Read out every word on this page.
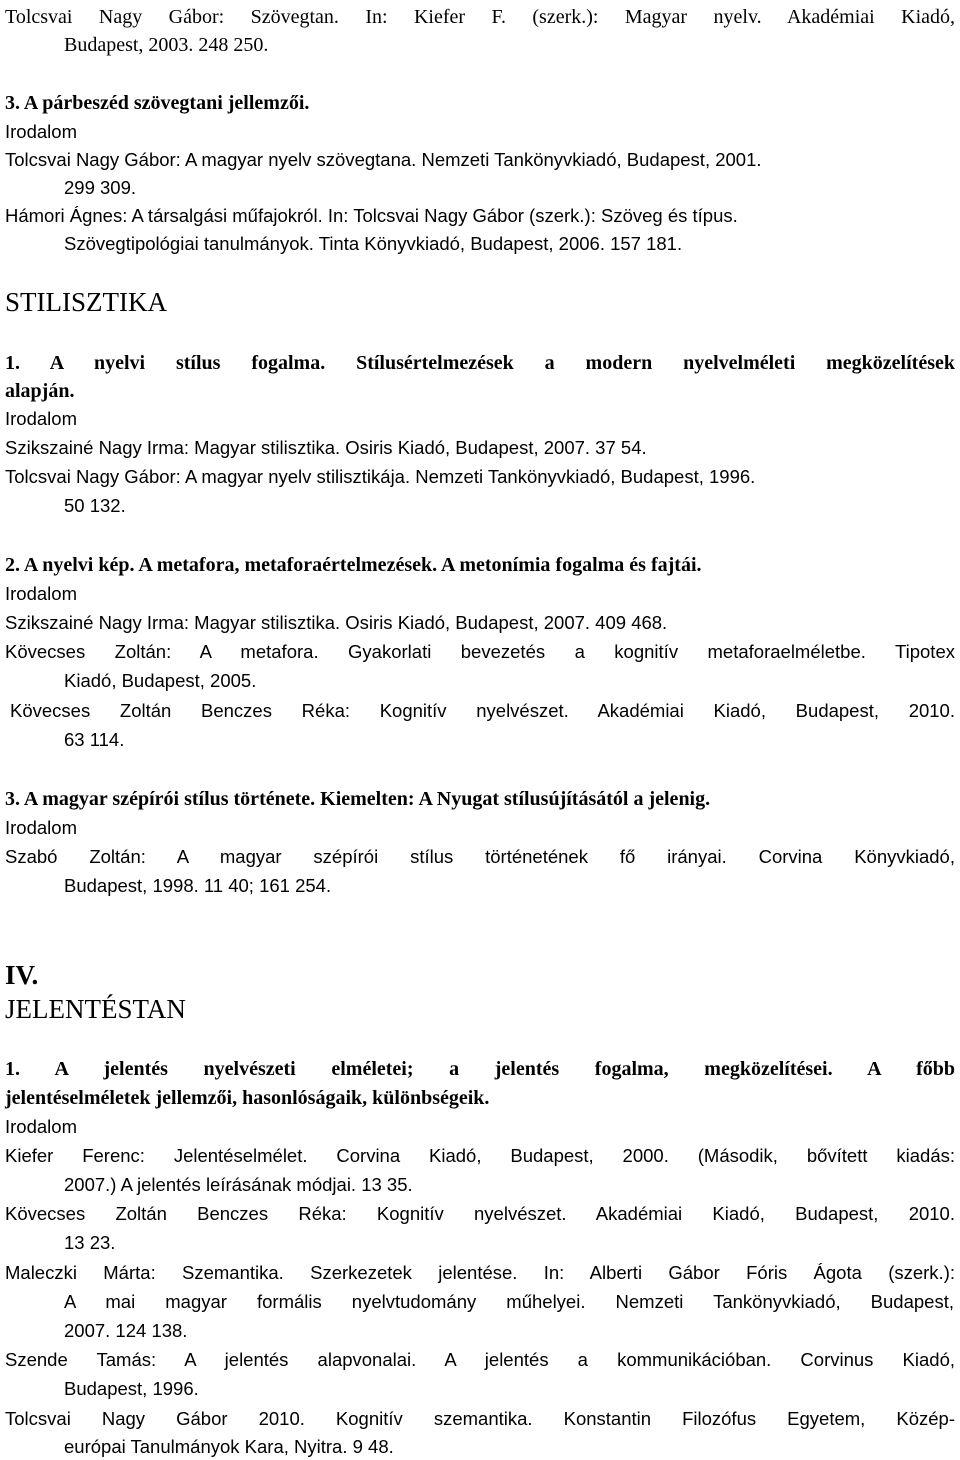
Tolcsvai Nagy Gábor: Szövegtan. In: Kiefer F. (szerk.): Magyar nyelv. Akadémiai Kiadó,
Budapest, 2003. 248 250.
3. A párbeszéd szövegtani jellemzői.
Irodalom
Tolcsvai Nagy Gábor: A magyar nyelv szövegtana. Nemzeti Tankönyvkiadó, Budapest, 2001.
299 309.
Hámori Ágnes: A társalgási műfajokról. In: Tolcsvai Nagy Gábor (szerk.): Szöveg és típus.
Szövegtipológiai tanulmányok. Tinta Könyvkiadó, Budapest, 2006. 157 181.
STILISZTIKA
1. A nyelvi stílus fogalma. Stílusértelmezések a modern nyelvelméleti megközelítések
alapján.
Irodalom
Szikszainé Nagy Irma: Magyar stilisztika. Osiris Kiadó, Budapest, 2007. 37 54.
Tolcsvai Nagy Gábor: A magyar nyelv stilisztikája. Nemzeti Tankönyvkiadó, Budapest, 1996.
50 132.
2. A nyelvi kép. A metafora, metaforaértelmezések. A metonímia fogalma és fajtái.
Irodalom
Szikszainé Nagy Irma: Magyar stilisztika. Osiris Kiadó, Budapest, 2007. 409 468.
Kövecses Zoltán: A metafora. Gyakorlati bevezetés a kognitív metaforaelméletbe. Tipotex
Kiadó, Budapest, 2005.
Kövecses Zoltán Benczes Réka: Kognitív nyelvészet. Akadémiai Kiadó, Budapest, 2010.
63 114.
3. A magyar szépírói stílus története. Kiemelten: A Nyugat stílusújításától a jelenig.
Irodalom
Szabó Zoltán: A magyar szépírói stílus történetének fő irányai. Corvina Könyvkiadó,
Budapest, 1998. 11 40; 161 254.
IV.
JELENTÉSTAN
1. A jelentés nyelvészeti elméletei; a jelentés fogalma, megközelítései. A főbb
jelentéselméletek jellemzői, hasonlóságaik, különbségeik.
Irodalom
Kiefer Ferenc: Jelentéselmélet. Corvina Kiadó, Budapest, 2000. (Második, bővített kiadás:
2007.) A jelentés leírásának módjai. 13 35.
Kövecses Zoltán Benczes Réka: Kognitív nyelvészet. Akadémiai Kiadó, Budapest, 2010.
13 23.
Maleczki Márta: Szemantika. Szerkezetek jelentése. In: Alberti Gábor Fóris Ágota (szerk.):
A mai magyar formális nyelvtudomány műhelyei. Nemzeti Tankönyvkiadó, Budapest,
2007. 124 138.
Szende Tamás: A jelentés alapvonalai. A jelentés a kommunikációban. Corvinus Kiadó,
Budapest, 1996.
Tolcsvai Nagy Gábor 2010. Kognitív szemantika. Konstantin Filozófus Egyetem, Közép-
európai Tanulmányok Kara, Nyitra. 9 48.
